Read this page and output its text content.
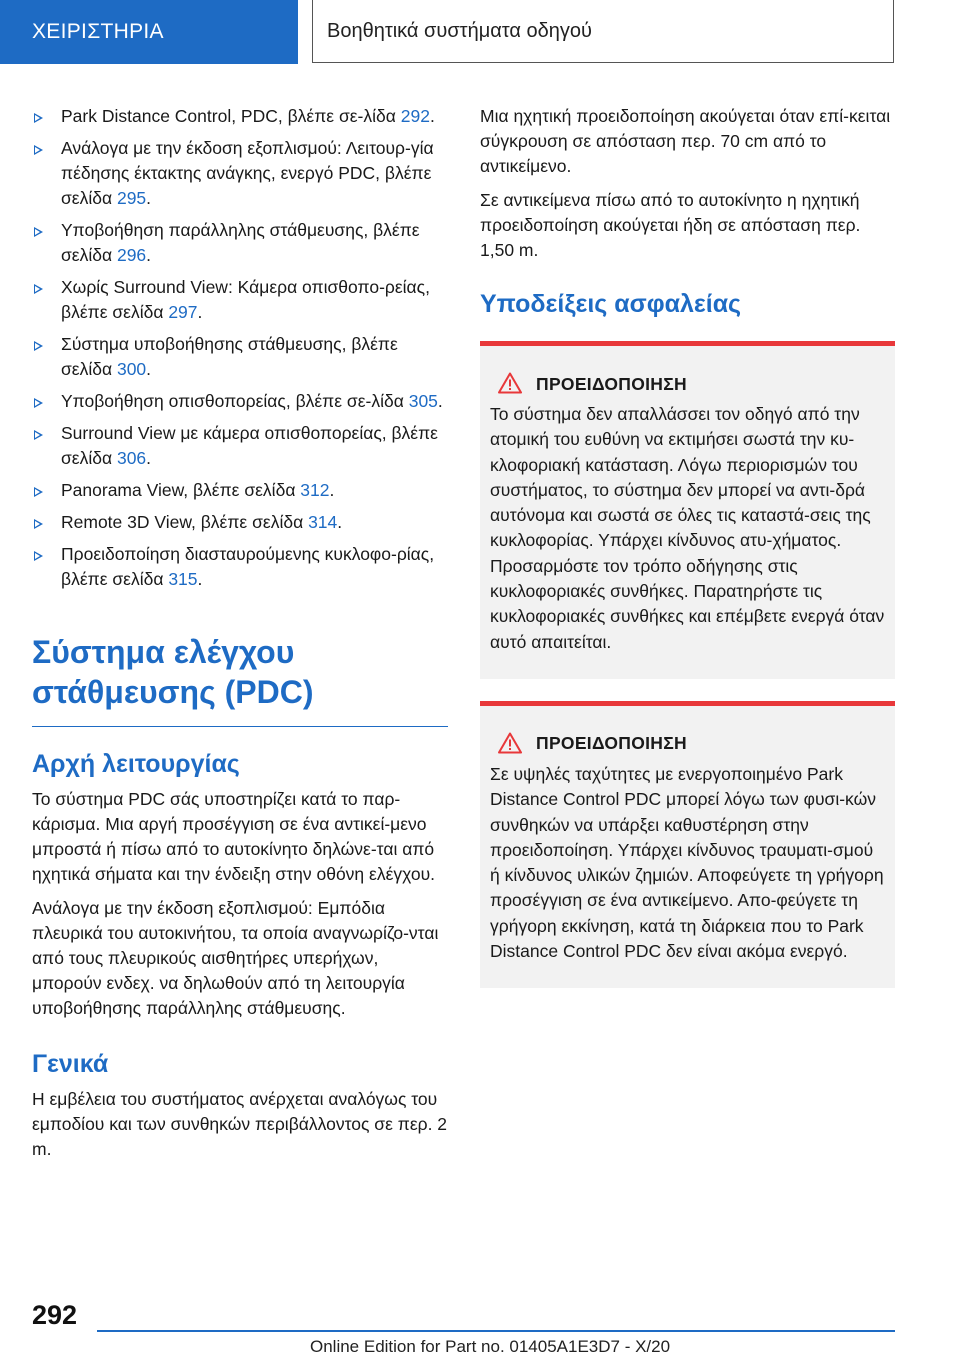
ΧΕΙΡΙΣΤΗΡΙΑ	Βοηθητικά συστήματα οδηγού
Park Distance Control, PDC, βλέπε σε‐λίδα 292.
Ανάλογα με την έκδοση εξοπλισμού: Λειτουρ‐γία πέδησης έκτακτης ανάγκης, ενεργό PDC, βλέπε σελίδα 295.
Υποβοήθηση παράλληλης στάθμευσης, βλέπε σελίδα 296.
Χωρίς Surround View: Κάμερα οπισθοπο‐ρείας, βλέπε σελίδα 297.
Σύστημα υποβοήθησης στάθμευσης, βλέπε σελίδα 300.
Υποβοήθηση οπισθοπορείας, βλέπε σε‐λίδα 305.
Surround View με κάμερα οπισθοπορείας, βλέπε σελίδα 306.
Panorama View, βλέπε σελίδα 312.
Remote 3D View, βλέπε σελίδα 314.
Προειδοποίηση διασταυρούμενης κυκλοφο‐ρίας, βλέπε σελίδα 315.
Σύστημα ελέγχου στάθμευσης (PDC)
Αρχή λειτουργίας

Το σύστημα PDC σάς υποστηρίζει κατά το παρ‐κάρισμα. Μια αργή προσέγγιση σε ένα αντικεί‐μενο μπροστά ή πίσω από το αυτοκίνητο δηλώνε‐ται από ηχητικά σήματα και την ένδειξη στην οθόνη ελέγχου.

Ανάλογα με την έκδοση εξοπλισμού: Εμπόδια πλευρικά του αυτοκινήτου, τα οποία αναγνωρίζο‐νται από τους πλευρικούς αισθητήρες υπερήχων, μπορούν ενδεχ. να δηλωθούν από τη λειτουργία υποβοήθησης παράλληλης στάθμευσης.

Γενικά

Η εμβέλεια του συστήματος ανέρχεται αναλόγως του εμποδίου και των συνθηκών περιβάλλοντος σε περ. 2 m.

Μια ηχητική προειδοποίηση ακούγεται όταν επί‐κειται σύγκρουση σε απόσταση περ. 70 cm από το αντικείμενο.

Σε αντικείμενα πίσω από το αυτοκίνητο η ηχητική προειδοποίηση ακούγεται ήδη σε απόσταση περ. 1,50 m.

Υποδείξεις ασφαλείας
ΠΡΟΕΙΔΟΠΟΙΗΣΗ

Το σύστημα δεν απαλλάσσει τον οδηγό από την ατομική του ευθύνη να εκτιμήσει σωστά την κυ‐κλοφοριακή κατάσταση. Λόγω περιορισμών του συστήματος, το σύστημα δεν μπορεί να αντι‐δρά αυτόνομα και σωστά σε όλες τις καταστά‐σεις της κυκλοφορίας. Υπάρχει κίνδυνος ατυ‐χήματος. Προσαρμόστε τον τρόπο οδήγησης στις κυκλοφοριακές συνθήκες. Παρατηρήστε τις κυκλοφοριακές συνθήκες και επέμβετε ενεργά όταν αυτό απαιτείται.

ΠΡΟΕΙΔΟΠΟΙΗΣΗ

Σε υψηλές ταχύτητες με ενεργοποιημένο Park Distance Control PDC μπορεί λόγω των φυσι‐κών συνθηκών να υπάρξει καθυστέρηση στην προειδοποίηση. Υπάρχει κίνδυνος τραυματι‐σμού ή κίνδυνος υλικών ζημιών. Αποφεύγετε τη γρήγορη προσέγγιση σε ένα αντικείμενο. Απο‐φεύγετε τη γρήγορη εκκίνηση, κατά τη διάρκεια που το Park Distance Control PDC δεν είναι ακόμα ενεργό.

292
Online Edition for Part no. 01405A1E3D7 - X/20
